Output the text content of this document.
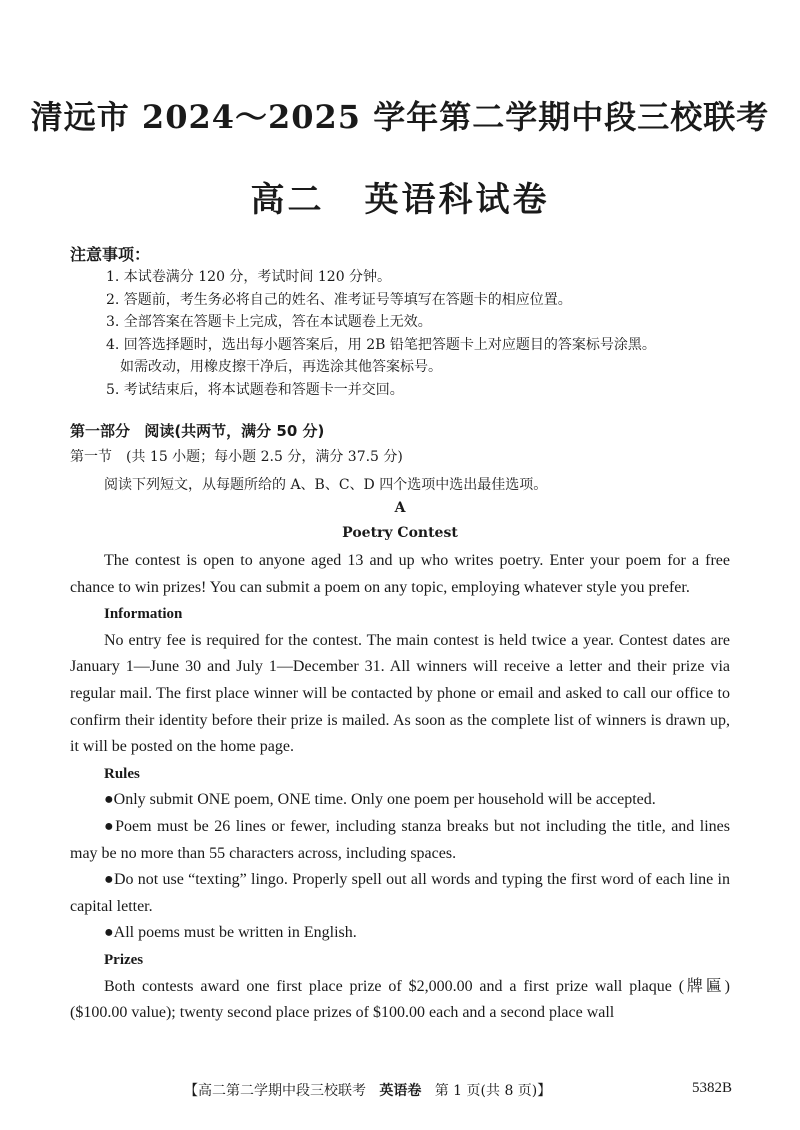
清远市 2024～2025 学年第二学期中段三校联考
高二 英语科试卷
注意事项：
1. 本试卷满分 120 分，考试时间 120 分钟。
2. 答题前，考生务必将自己的姓名、准考证号等填写在答题卡的相应位置。
3. 全部答案在答题卡上完成，答在本试题卷上无效。
4. 回答选择题时，选出每小题答案后，用 2B 铅笔把答题卡上对应题目的答案标号涂黑。
如需改动，用橡皮擦干净后，再选涂其他答案标号。
5. 考试结束后，将本试题卷和答题卡一并交回。
第一部分 阅读(共两节，满分 50 分)
第一节　(共 15 小题；每小题 2.5 分，满分 37.5 分)
阅读下列短文，从每题所给的 A、B、C、D 四个选项中选出最佳选项。
A
Poetry Contest

The contest is open to anyone aged 13 and up who writes poetry. Enter your poem for a free chance to win prizes! You can submit a poem on any topic, employing whatever style you prefer.

Information

No entry fee is required for the contest. The main contest is held twice a year. Contest dates are January 1—June 30 and July 1—December 31. All winners will receive a letter and their prize via regular mail. The first place winner will be contacted by phone or email and asked to call our office to confirm their identity before their prize is mailed. As soon as the complete list of winners is drawn up, it will be posted on the home page.

Rules

●Only submit ONE poem, ONE time. Only one poem per household will be accepted.

●Poem must be 26 lines or fewer, including stanza breaks but not including the title, and lines may be no more than 55 characters across, including spaces.

●Do not use “texting” lingo. Properly spell out all words and typing the first word of each line in capital letter.

●All poems must be written in English.

Prizes

Both contests award one first place prize of $2,000.00 and a first prize wall plaque (牌匾)($100.00 value); twenty second place prizes of $100.00 each and a second place wall

【高二第二学期中段三校联考 英语卷 第 1 页(共 8 页)】	5382B
